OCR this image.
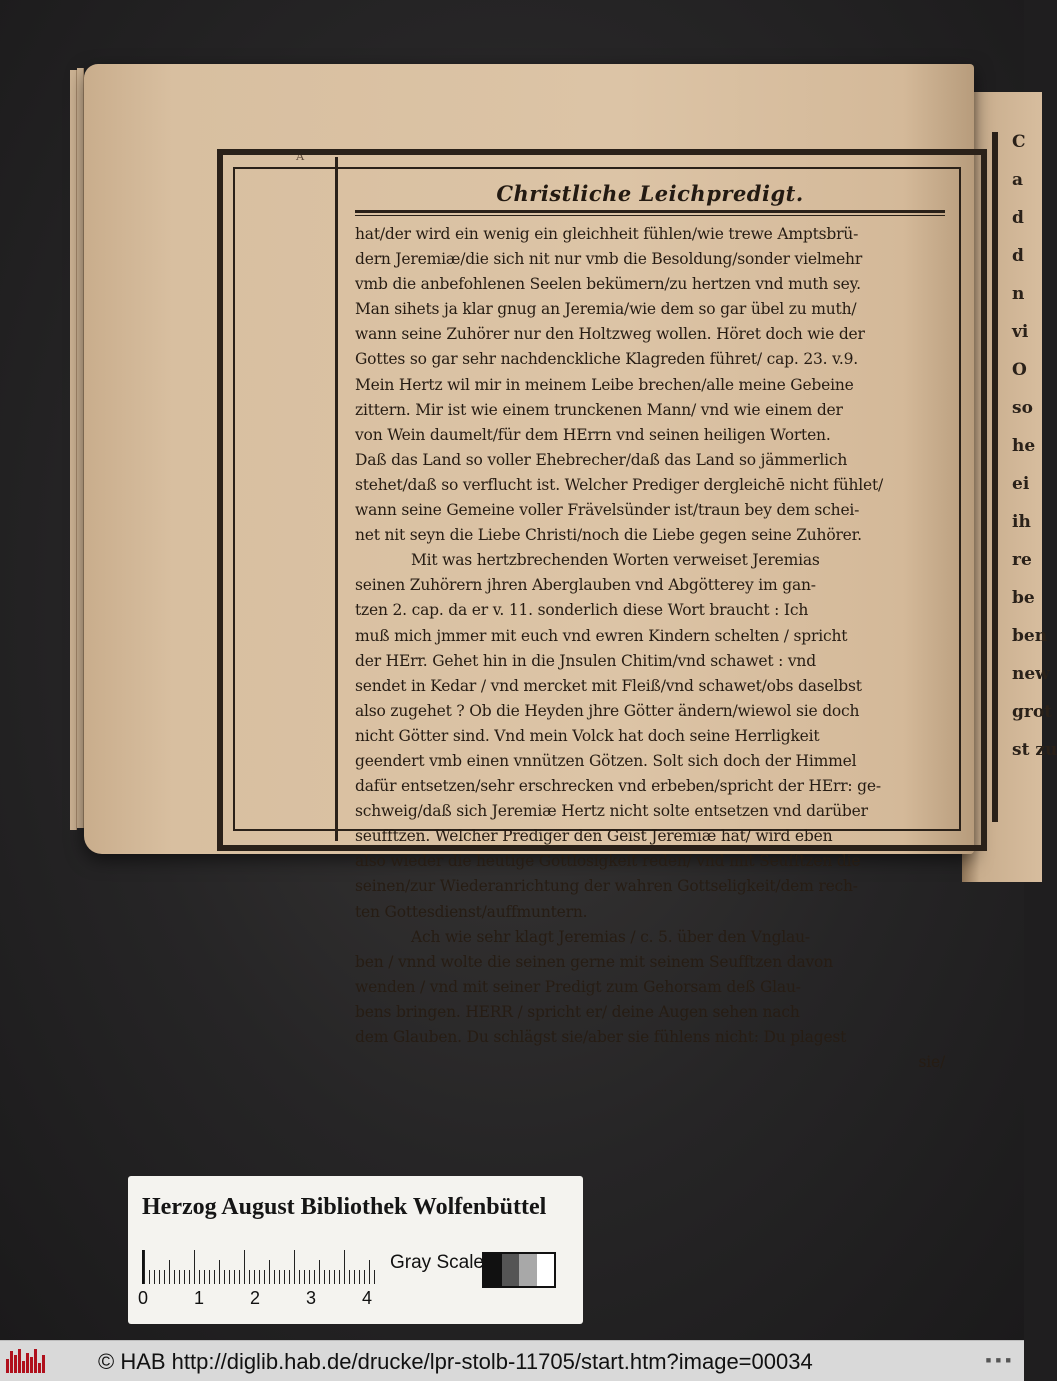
C
a
d
d
n
vi
O
so
he
ei
ih
re
be
ben
new
grot
st zu
ᴬ
Christliche Leichpredigt.
hat/der wird ein wenig ein gleichheit fühlen/wie trewe Amptsbrü-
dern Jeremiæ/die sich nit nur vmb die Besoldung/sonder vielmehr
vmb die anbefohlenen Seelen bekümern/zu hertzen vnd muth sey.
Man sihets ja klar gnug an Jeremia/wie dem so gar übel zu muth/
wann seine Zuhörer nur den Holtzweg wollen. Höret doch wie der
Gottes so gar sehr nachdenckliche Klagreden führet/ cap. 23. v.9.
Mein Hertz wil mir in meinem Leibe brechen/alle meine Gebeine
zittern. Mir ist wie einem trunckenen Mann/ vnd wie einem der
von Wein daumelt/für dem HErrn vnd seinen heiligen Worten.
Daß das Land so voller Ehebrecher/daß das Land so jämmerlich
stehet/daß so verflucht ist. Welcher Prediger dergleichē nicht fühlet/
wann seine Gemeine voller Frävelsünder ist/traun bey dem schei-
net nit seyn die Liebe Christi/noch die Liebe gegen seine Zuhörer.
Mit was hertzbrechenden Worten verweiset Jeremias
seinen Zuhörern jhren Aberglauben vnd Abgötterey im gan-
tzen 2. cap. da er v. 11. sonderlich diese Wort braucht : Ich
muß mich jmmer mit euch vnd ewren Kindern schelten / spricht
der HErr. Gehet hin in die Jnsulen Chitim/vnd schawet : vnd
sendet in Kedar / vnd mercket mit Fleiß/vnd schawet/obs daselbst
also zugehet ? Ob die Heyden jhre Götter ändern/wiewol sie doch
nicht Götter sind. Vnd mein Volck hat doch seine Herrligkeit
geendert vmb einen vnnützen Götzen. Solt sich doch der Himmel
dafür entsetzen/sehr erschrecken vnd erbeben/spricht der HErr: ge-
schweig/daß sich Jeremiæ Hertz nicht solte entsetzen vnd darüber
seufftzen. Welcher Prediger den Geist Jeremiæ hat/ wird eben
also wieder die heutige Gottlosigkeit reden/ vnd mit Seufftzen die
seinen/zur Wiederanrichtung der wahren Gottseligkeit/dem rech-
ten Gottesdienst/auffmuntern.
Ach wie sehr klagt Jeremias / c. 5. über den Vnglau-
ben / vnnd wolte die seinen gerne mit seinem Seufftzen davon
wenden / vnd mit seiner Predigt zum Gehorsam deß Glau-
bens bringen. HERR / spricht er/ deine Augen sehen nach
dem Glauben. Du schlägst sie/aber sie fühlens nicht: Du plagest
sie/
Herzog August Bibliothek Wolfenbüttel
0	1	2	3	4
Gray Scale
© HAB http://diglib.hab.de/drucke/lpr-stolb-11705/start.htm?image=00034	■ ■ ■
